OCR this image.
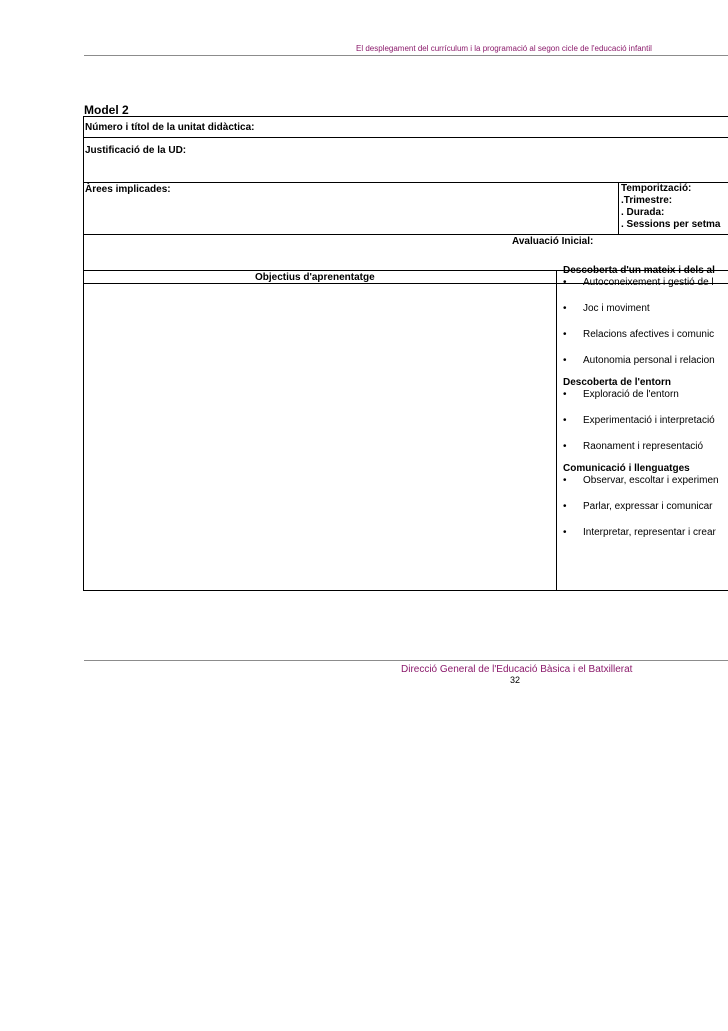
El desplegament del currículum i la programació al segon cicle de l'educació infantil
Model 2
Número i títol de la unitat didàctica:
Justificació de la UD:
Àrees implicades:	Temporització:
.Trimestre:
. Durada:
. Sessions per setma
Avaluació Inicial:
Objectius d'aprenentatge
Descoberta d'un mateix i dels al
• Autoconeixement i gestió de l
• Joc i moviment
• Relacions afectives i comunic
• Autonomia personal i relacion
Descoberta de l'entorn
• Exploració de l'entorn
• Experimentació i interpretació
• Raonament i representació
Comunicació i llenguatges
• Observar, escoltar i experimen
• Parlar, expressar i comunicar
• Interpretar, representar i crear
Direcció General de l'Educació Bàsica i el Batxillerat
32
